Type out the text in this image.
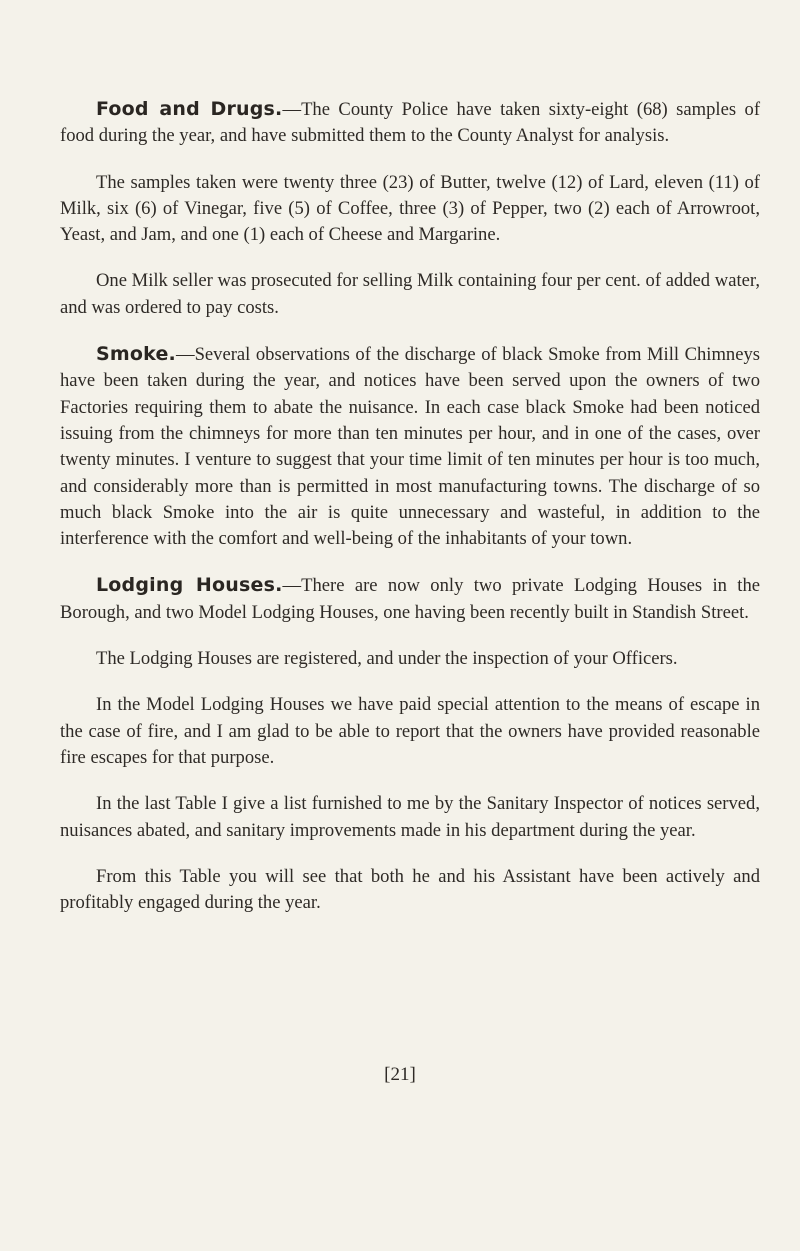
Food and Drugs.—The County Police have taken sixty-eight (68) samples of food during the year, and have submitted them to the County Analyst for analysis.

The samples taken were twenty three (23) of Butter, twelve (12) of Lard, eleven (11) of Milk, six (6) of Vinegar, five (5) of Coffee, three (3) of Pepper, two (2) each of Arrowroot, Yeast, and Jam, and one (1) each of Cheese and Margarine.

One Milk seller was prosecuted for selling Milk containing four per cent. of added water, and was ordered to pay costs.

Smoke.—Several observations of the discharge of black Smoke from Mill Chimneys have been taken during the year, and notices have been served upon the owners of two Factories requiring them to abate the nuisance. In each case black Smoke had been noticed issuing from the chimneys for more than ten minutes per hour, and in one of the cases, over twenty minutes. I venture to suggest that your time limit of ten minutes per hour is too much, and considerably more than is permitted in most manufacturing towns. The discharge of so much black Smoke into the air is quite unnecessary and wasteful, in addition to the interference with the comfort and well-being of the inhabitants of your town.

Lodging Houses.—There are now only two private Lodging Houses in the Borough, and two Model Lodging Houses, one having been recently built in Standish Street.

The Lodging Houses are registered, and under the inspection of your Officers.

In the Model Lodging Houses we have paid special attention to the means of escape in the case of fire, and I am glad to be able to report that the owners have provided reasonable fire escapes for that purpose.

In the last Table I give a list furnished to me by the Sanitary Inspector of notices served, nuisances abated, and sanitary improvements made in his department during the year.

From this Table you will see that both he and his Assistant have been actively and profitably engaged during the year.

[21]
